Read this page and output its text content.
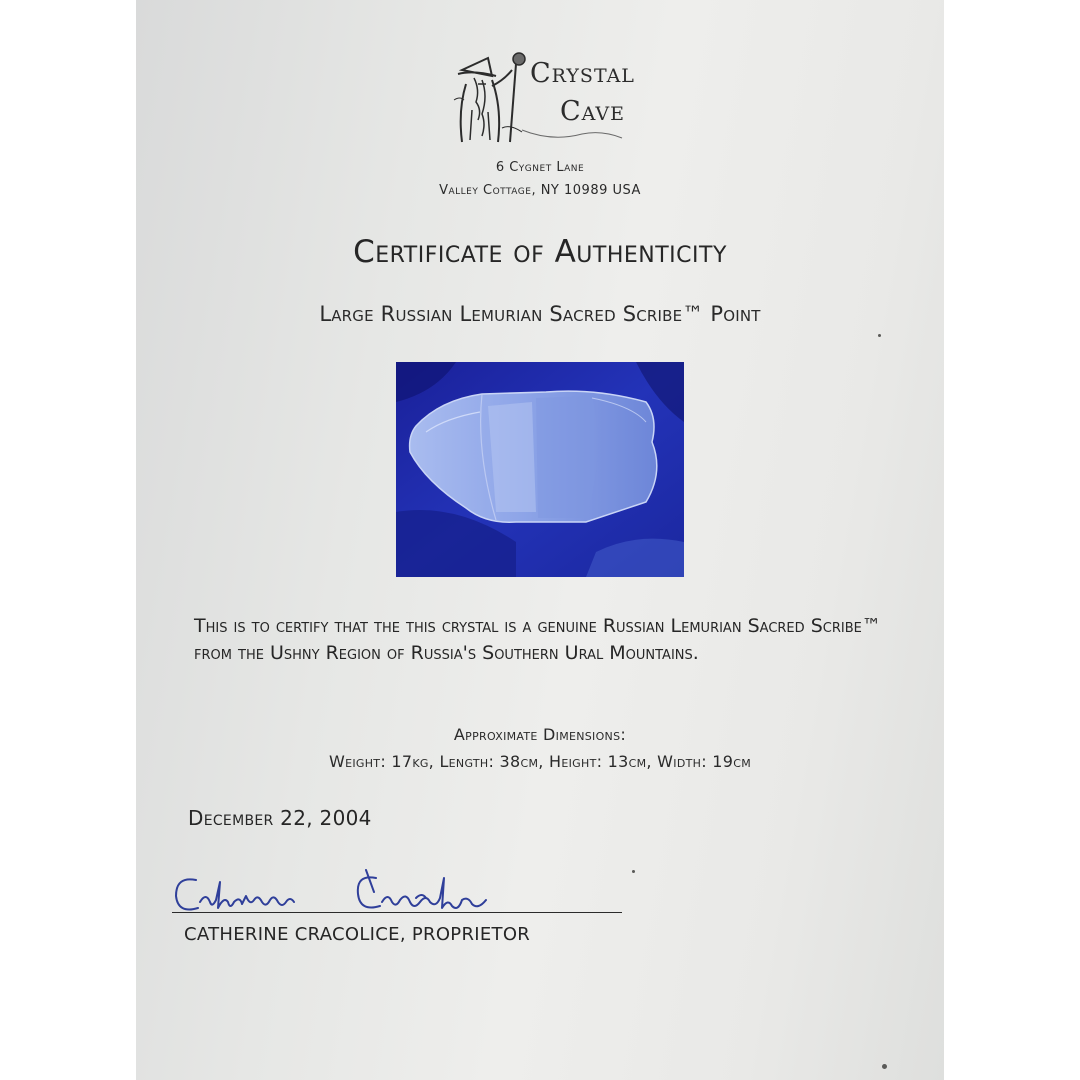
Crystal
Cave
6 Cygnet Lane
Valley Cottage, NY 10989 USA
Certificate of Authenticity
Large Russian Lemurian Sacred Scribe™ Point
This is to certify that the this crystal is a genuine Russian Lemurian Sacred Scribe™ from the Ushny Region of Russia's Southern Ural Mountains.
Approximate Dimensions:
Weight: 17kg, Length: 38cm, Height: 13cm, Width: 19cm
December 22, 2004
CATHERINE CRACOLICE, PROPRIETOR
